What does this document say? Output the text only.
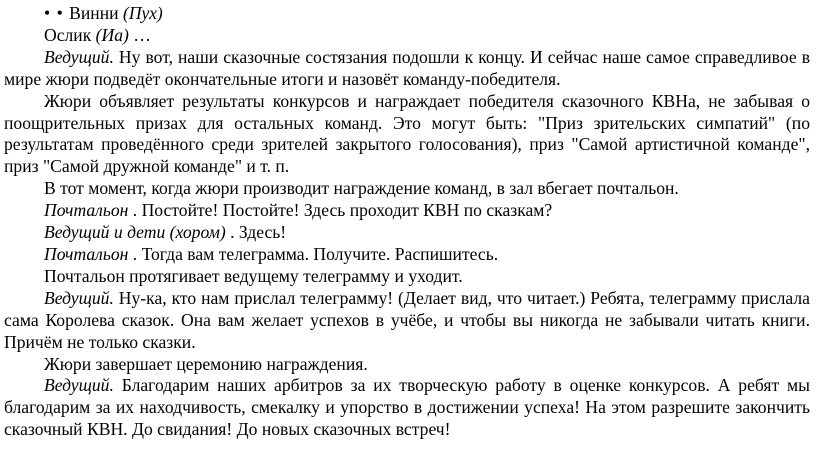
• • Винни (Пух)

Ослик (Иа) …

Ведущий. Ну вот, наши сказочные состязания подошли к концу. И сейчас наше самое справедливое в мире жюри подведёт окончательные итоги и назовёт команду-победителя.

Жюри объявляет результаты конкурсов и награждает победителя сказочного КВНа, не забывая о поощрительных призах для остальных команд. Это могут быть: "Приз зрительских симпатий" (по результатам проведённого среди зрителей закрытого голосования), приз "Самой артистичной команде", приз "Самой дружной команде" и т. п.

В тот момент, когда жюри производит награждение команд, в зал вбегает почтальон.

Почтальон . Постойте! Постойте! Здесь проходит КВН по сказкам?

Ведущий и дети (хором) . Здесь!

Почтальон . Тогда вам телеграмма. Получите. Распишитесь.

Почтальон протягивает ведущему телеграмму и уходит.

Ведущий. Ну-ка, кто нам прислал телеграмму! (Делает вид, что читает.) Ребята, телеграмму прислала сама Королева сказок. Она вам желает успехов в учёбе, и чтобы вы никогда не забывали читать книги. Причём не только сказки.

Жюри завершает церемонию награждения.

Ведущий. Благодарим наших арбитров за их творческую работу в оценке конкурсов. А ребят мы благодарим за их находчивость, смекалку и упорство в достижении успеха! На этом разрешите закончить сказочный КВН. До свидания! До новых сказочных встреч!
